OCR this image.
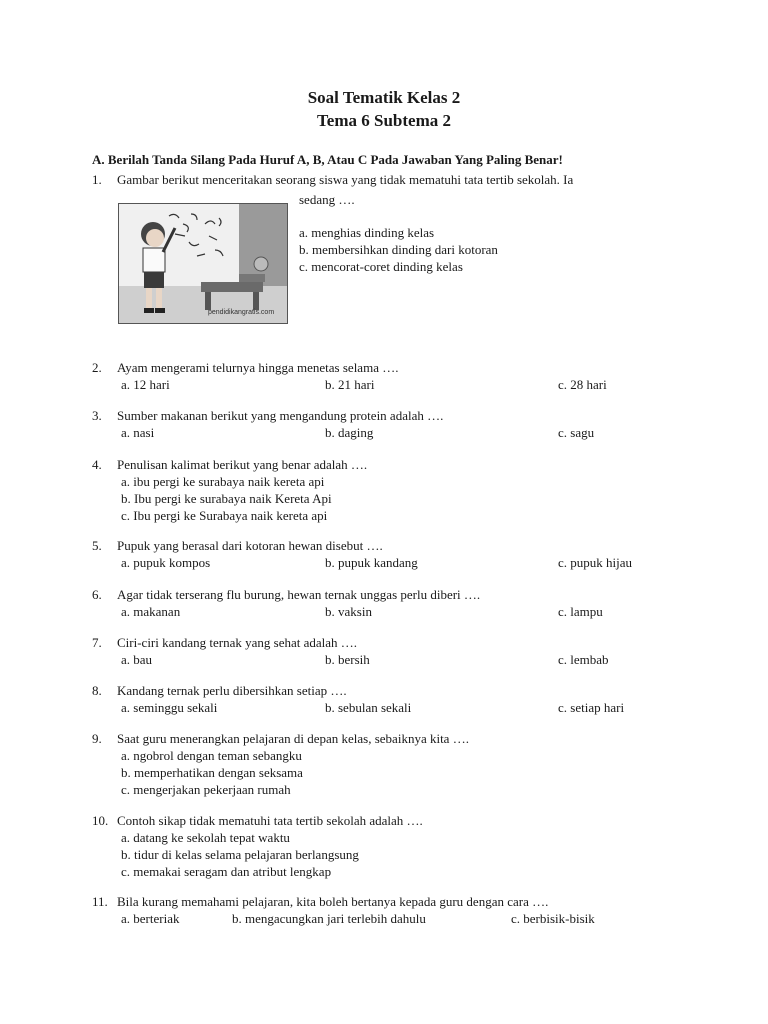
Soal Tematik Kelas 2
Tema 6 Subtema 2
A. Berilah Tanda Silang Pada Huruf A, B, Atau C Pada Jawaban Yang Paling Benar!
1. Gambar berikut menceritakan seorang siswa yang tidak mematuhi tata tertib sekolah. Ia
sedang ….
a. menghias dinding kelas
b. membersihkan dinding dari kotoran
c. mencorat-coret dinding kelas
pendidikangratis.com
2. Ayam mengerami telurnya hingga menetas selama ….
a. 12 hari	b. 21 hari	c. 28 hari
3. Sumber makanan berikut yang mengandung protein adalah ….
a. nasi	b. daging	c. sagu
4. Penulisan kalimat berikut yang benar adalah ….
a. ibu pergi ke surabaya naik kereta api
b. Ibu pergi ke surabaya naik Kereta Api
c. Ibu pergi ke Surabaya naik kereta api
5. Pupuk yang berasal dari kotoran hewan disebut ….
a. pupuk kompos	b. pupuk kandang	c. pupuk hijau
6. Agar tidak terserang flu burung, hewan ternak unggas perlu diberi ….
a. makanan	b. vaksin	c. lampu
7. Ciri-ciri kandang ternak yang sehat adalah ….
a. bau	b. bersih	c. lembab
8. Kandang ternak perlu dibersihkan setiap ….
a. seminggu sekali	b. sebulan sekali	c. setiap hari
9. Saat guru menerangkan pelajaran di depan kelas, sebaiknya kita ….
a. ngobrol dengan teman sebangku
b. memperhatikan dengan seksama
c. mengerjakan pekerjaan rumah
10. Contoh sikap tidak mematuhi tata tertib sekolah adalah ….
a. datang ke sekolah tepat waktu
b. tidur di kelas selama pelajaran berlangsung
c. memakai seragam dan atribut lengkap
11. Bila kurang memahami pelajaran, kita boleh bertanya kepada guru dengan cara ….
a. berteriak	b. mengacungkan jari terlebih dahulu	c. berbisik-bisik
